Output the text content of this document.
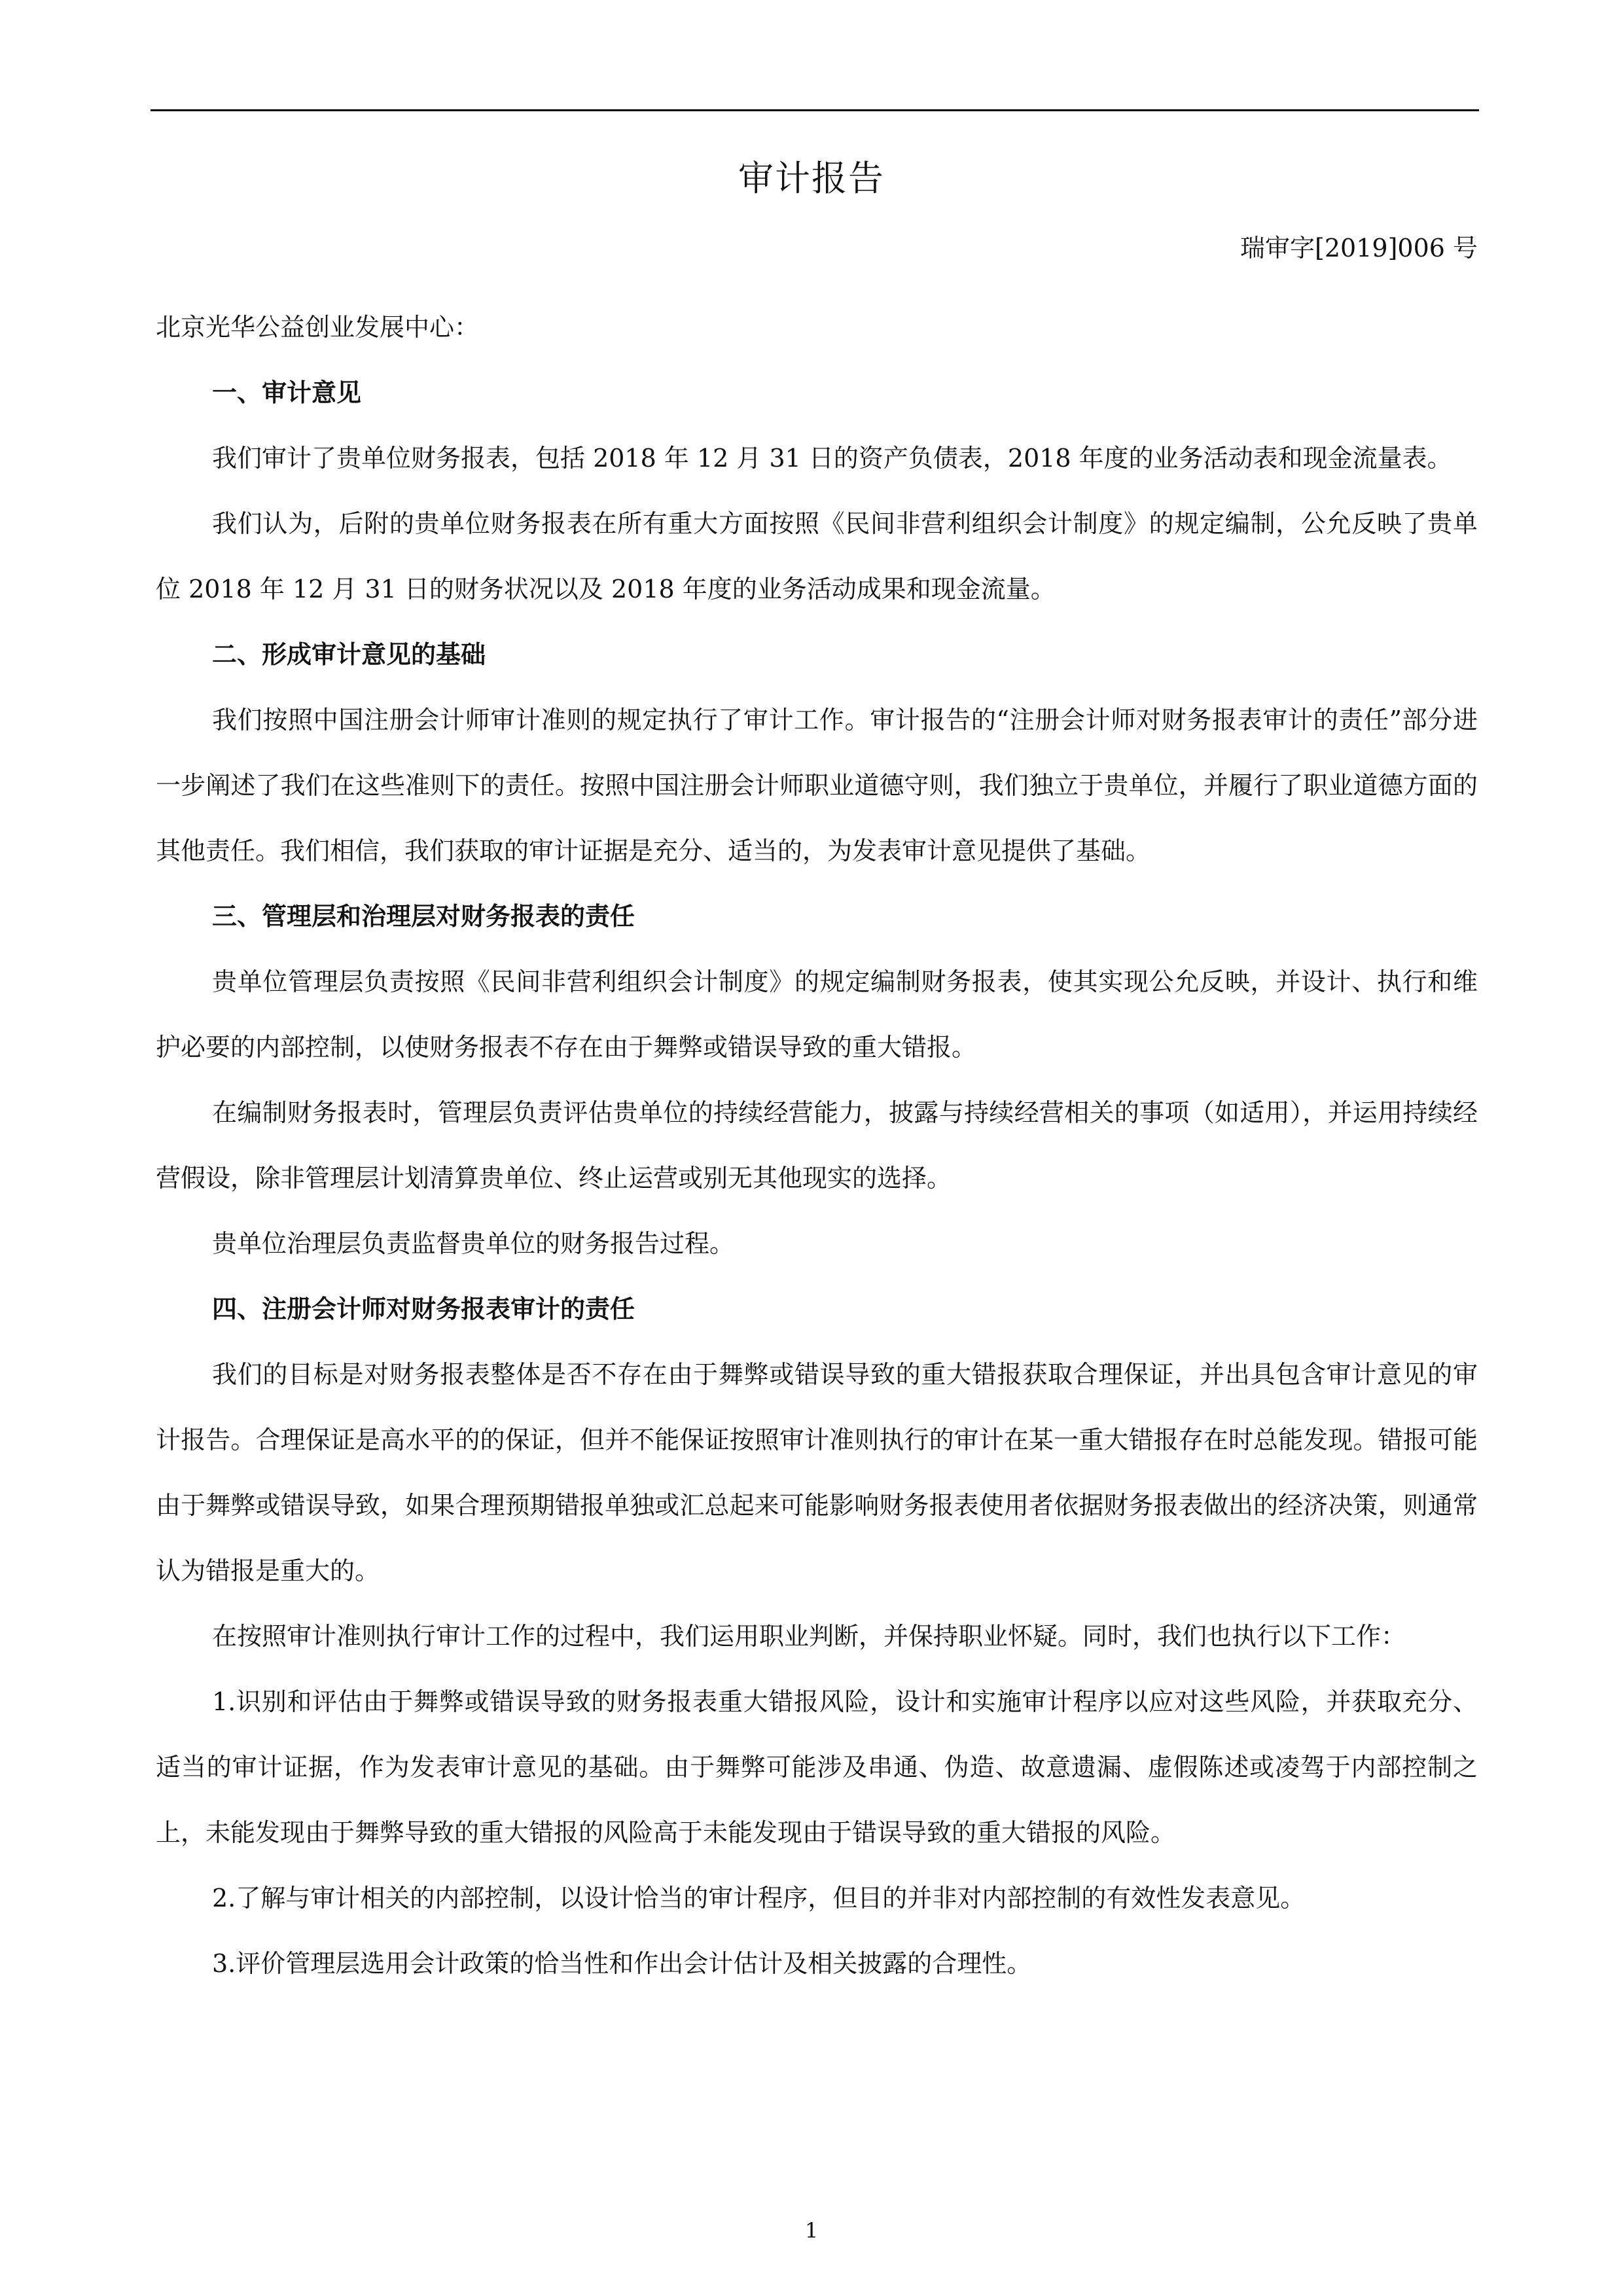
审计报告
瑞审字[2019]006 号

北京光华公益创业发展中心：

一、审计意见

我们审计了贵单位财务报表，包括 2018 年 12 月 31 日的资产负债表，2018 年度的业务活动表和现金流量表。

我们认为，后附的贵单位财务报表在所有重大方面按照《民间非营利组织会计制度》的规定编制，公允反映了贵单位 2018 年 12 月 31 日的财务状况以及 2018 年度的业务活动成果和现金流量。

二、形成审计意见的基础

我们按照中国注册会计师审计准则的规定执行了审计工作。审计报告的“注册会计师对财务报表审计的责任”部分进一步阐述了我们在这些准则下的责任。按照中国注册会计师职业道德守则，我们独立于贵单位，并履行了职业道德方面的其他责任。我们相信，我们获取的审计证据是充分、适当的，为发表审计意见提供了基础。

三、管理层和治理层对财务报表的责任

贵单位管理层负责按照《民间非营利组织会计制度》的规定编制财务报表，使其实现公允反映，并设计、执行和维护必要的内部控制，以使财务报表不存在由于舞弊或错误导致的重大错报。

在编制财务报表时，管理层负责评估贵单位的持续经营能力，披露与持续经营相关的事项（如适用），并运用持续经营假设，除非管理层计划清算贵单位、终止运营或别无其他现实的选择。

贵单位治理层负责监督贵单位的财务报告过程。

四、注册会计师对财务报表审计的责任

我们的目标是对财务报表整体是否不存在由于舞弊或错误导致的重大错报获取合理保证，并出具包含审计意见的审计报告。合理保证是高水平的的保证，但并不能保证按照审计准则执行的审计在某一重大错报存在时总能发现。错报可能由于舞弊或错误导致，如果合理预期错报单独或汇总起来可能影响财务报表使用者依据财务报表做出的经济决策，则通常认为错报是重大的。

在按照审计准则执行审计工作的过程中，我们运用职业判断，并保持职业怀疑。同时，我们也执行以下工作：

1.识别和评估由于舞弊或错误导致的财务报表重大错报风险，设计和实施审计程序以应对这些风险，并获取充分、适当的审计证据，作为发表审计意见的基础。由于舞弊可能涉及串通、伪造、故意遗漏、虚假陈述或凌驾于内部控制之上，未能发现由于舞弊导致的重大错报的风险高于未能发现由于错误导致的重大错报的风险。

2.了解与审计相关的内部控制，以设计恰当的审计程序，但目的并非对内部控制的有效性发表意见。

3.评价管理层选用会计政策的恰当性和作出会计估计及相关披露的合理性。

1
